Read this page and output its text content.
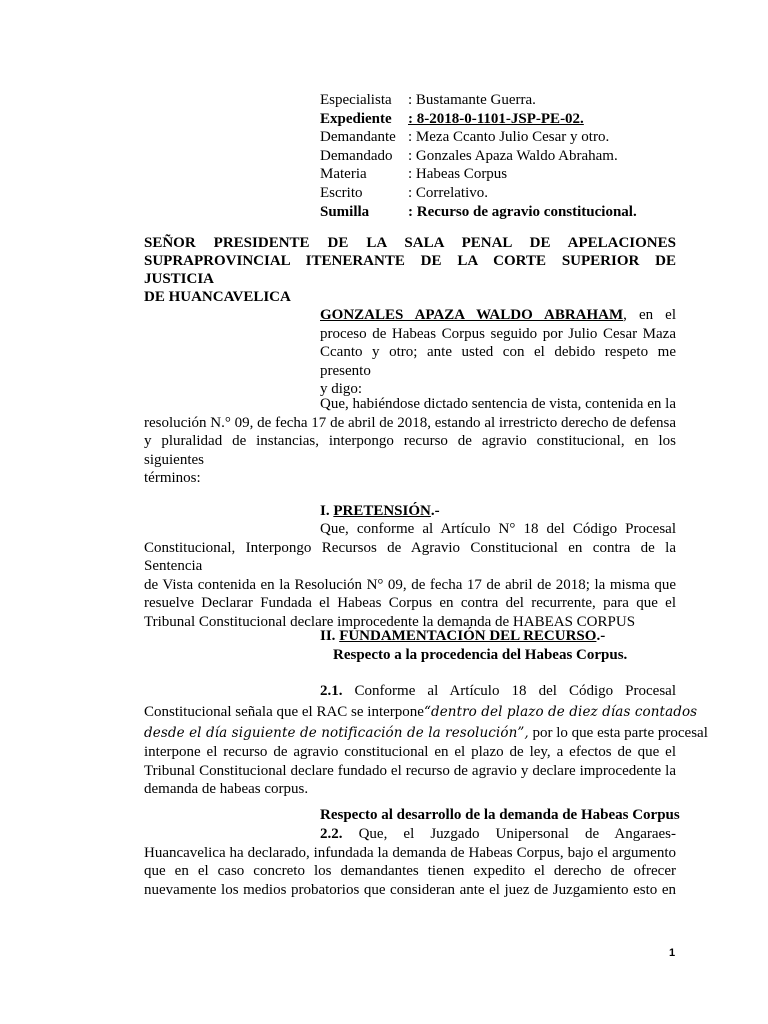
Especialista	: Bustamante Guerra.
Expediente	: 8-2018-0-1101-JSP-PE-02.
Demandante : Meza Ccanto Julio Cesar y otro.
Demandado	: Gonzales Apaza Waldo Abraham.
Materia	: Habeas Corpus
Escrito	: Correlativo.
Sumilla	: Recurso de agravio constitucional.
SEÑOR PRESIDENTE DE LA SALA PENAL DE APELACIONES
SUPRAPROVINCIAL ITENERANTE DE LA CORTE SUPERIOR DE JUSTICIA
DE HUANCAVELICA
GONZALES APAZA WALDO ABRAHAM, en el
proceso de Habeas Corpus seguido por Julio Cesar Maza
Ccanto y otro; ante usted con el debido respeto me presento
y digo:
Que, habiéndose dictado sentencia de vista, contenida en la
resolución N.° 09, de fecha 17 de abril de 2018, estando al irrestricto derecho de defensa
y pluralidad de instancias, interpongo recurso de agravio constitucional, en los siguientes
términos:
I. PRETENSIÓN.-
Que, conforme al Artículo N° 18 del Código Procesal
Constitucional, Interpongo Recursos de Agravio Constitucional en contra de la Sentencia
de Vista contenida en la Resolución N° 09, de fecha 17 de abril de 2018; la misma que
resuelve Declarar Fundada el Habeas Corpus en contra del recurrente, para que el
Tribunal Constitucional declare improcedente la demanda de HABEAS CORPUS
II. FUNDAMENTACIÓN DEL RECURSO.-
Respecto a la procedencia del Habeas Corpus.
2.1. Conforme al Artículo 18 del Código Procesal
Constitucional señala que el RAC se interpone“dentro del plazo de diez días contados
desde el día siguiente de notificación de la resolución”, por lo que esta parte procesal
interpone el recurso de agravio constitucional en el plazo de ley, a efectos de que el
Tribunal Constitucional declare fundado el recurso de agravio y declare improcedente la
demanda de habeas corpus.
Respecto al desarrollo de la demanda de Habeas Corpus
2.2. Que, el Juzgado Unipersonal de Angaraes-
Huancavelica ha declarado, infundada la demanda de Habeas Corpus, bajo el argumento
que en el caso concreto los demandantes tienen expedito el derecho de ofrecer
nuevamente los medios probatorios que consideran ante el juez de Juzgamiento esto en
1
